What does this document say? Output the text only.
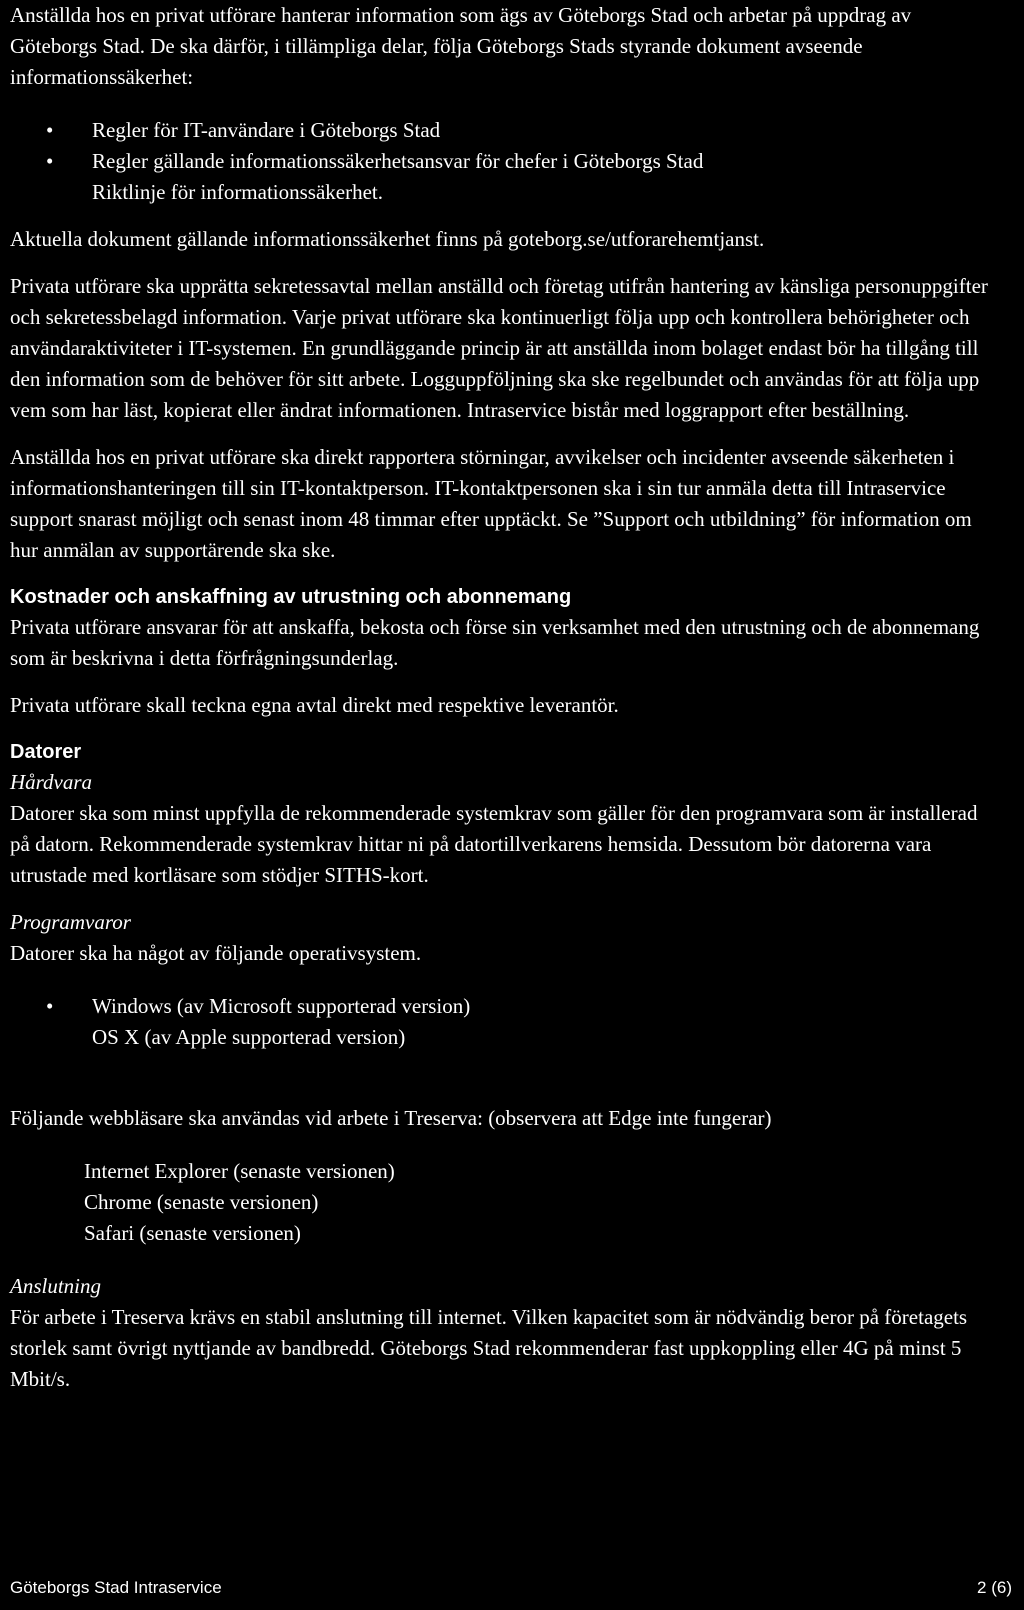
Anställda hos en privat utförare hanterar information som ägs av Göteborgs Stad och arbetar på uppdrag av Göteborgs Stad. De ska därför, i tillämpliga delar, följa Göteborgs Stads styrande dokument avseende informationssäkerhet:

• Regler för IT-användare i Göteborgs Stad
• Regler gällande informationssäkerhetsansvar för chefer i Göteborgs Stad

Riktlinje för informationssäkerhet.

Aktuella dokument gällande informationssäkerhet finns på goteborg.se/utforarehemtjanst.

Privata utförare ska upprätta sekretessavtal mellan anställd och företag utifrån hantering av känsliga personuppgifter och sekretessbelagd information. Varje privat utförare ska kontinuerligt följa upp och kontrollera behörigheter och användaraktiviteter i IT-systemen. En grundläggande princip är att anställda inom bolaget endast bör ha tillgång till den information som de behöver för sitt arbete. Logguppföljning ska ske regelbundet och användas för att följa upp vem som har läst, kopierat eller ändrat informationen. Intraservice bistår med loggrapport efter beställning.

Anställda hos en privat utförare ska direkt rapportera störningar, avvikelser och incidenter avseende säkerheten i informationshanteringen till sin IT-kontaktperson. IT-kontaktpersonen ska i sin tur anmäla detta till Intraservice support snarast möjligt och senast inom 48 timmar efter upptäckt. Se ”Support och utbildning” för information om hur anmälan av supportärende ska ske.

Kostnader och anskaffning av utrustning och abonnemang

Privata utförare ansvarar för att anskaffa, bekosta och förse sin verksamhet med den utrustning och de abonnemang som är beskrivna i detta förfrågningsunderlag.

Privata utförare skall teckna egna avtal direkt med respektive leverantör.

Datorer

Hårdvara

Datorer ska som minst uppfylla de rekommenderade systemkrav som gäller för den programvara som är installerad på datorn. Rekommenderade systemkrav hittar ni på datortillverkarens hemsida. Dessutom bör datorerna vara utrustade med kortläsare som stödjer SITHS-kort.

Programvaror

Datorer ska ha något av följande operativsystem.

• Windows (av Microsoft supporterad version)

OS X (av Apple supporterad version)

Följande webbläsare ska användas vid arbete i Treserva: (observera att Edge inte fungerar)

Internet Explorer (senaste versionen)

Chrome (senaste versionen)

Safari (senaste versionen)

Anslutning

För arbete i Treserva krävs en stabil anslutning till internet. Vilken kapacitet som är nödvändig beror på företagets storlek samt övrigt nyttjande av bandbredd. Göteborgs Stad rekommenderar fast uppkoppling eller 4G på minst 5 Mbit/s.

Göteborgs Stad Intraservice	2 (6)
